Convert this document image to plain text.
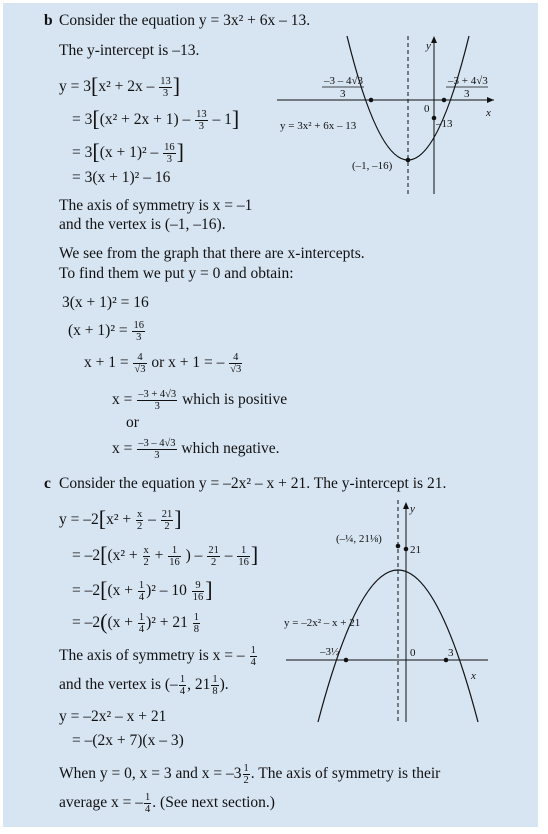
b Consider the equation y = 3x² + 6x – 13.
The y-intercept is –13.
$y = 3[x^2 + 2x - \frac{13}{3}$ ]
= $3[(x^2 + 2x + 1) - \frac{13}{3} - 1]$
= $3[(x + 1)^2 - \frac{16}{3}$ ]
= 3(x + 1)² – 16
The axis of symmetry is x = –1
and the vertex is (–1, –16).
We see from the graph that there are x-intercepts.
To find them we put y = 0 and obtain:
3(x + 1)² = 16
$(x + 1)^2 = \frac{16}{3}$
$x + 1 = \frac{4}{√3}$ or x + 1 = – $\frac{4}{√3}$
$x = \frac{-3 + 4√3}{3}$ which is positive
or
$x = \frac{-3 - 4√3}{3}$ which negative.
y
x
0
–3 – 4√3
3
–3 + 4√3
3
–13
y = 3x² + 6x – 13
(–1, –16)
c Consider the equation y = –2x² – x + 21. The y-intercept is 21.
$y = -2[x^2 + \frac{x}{2} - \frac{21}{2}$ ]
= $-2[(x^2 + \frac{x}{2} + \frac{1}{16}$ ) – $\frac{21}{2} - \frac{1}{16}$ ]
= $-2[(x + \frac{1}{4} )^2 - 10 \frac{9}{16}$ ]
= $-2((x + \frac{1}{4} )^2 + 21 \frac{1}{8}$
The axis of symmetry is x = – $\frac{1}{4}$
and the vertex is (– $\frac{1}{4}$ , $21 \frac{1}{8}$ ).
y = –2x² – x + 21
= –(2x + 7)(x – 3)
When y = 0, x = 3 and $x = -3 \frac{1}{2}$ . The axis of symmetry is their
average x = – $\frac{1}{4}$ . (See next section.)
y
x
0
(–¼, 21⅛)
21
y = –2x² – x + 21
–3½	3
